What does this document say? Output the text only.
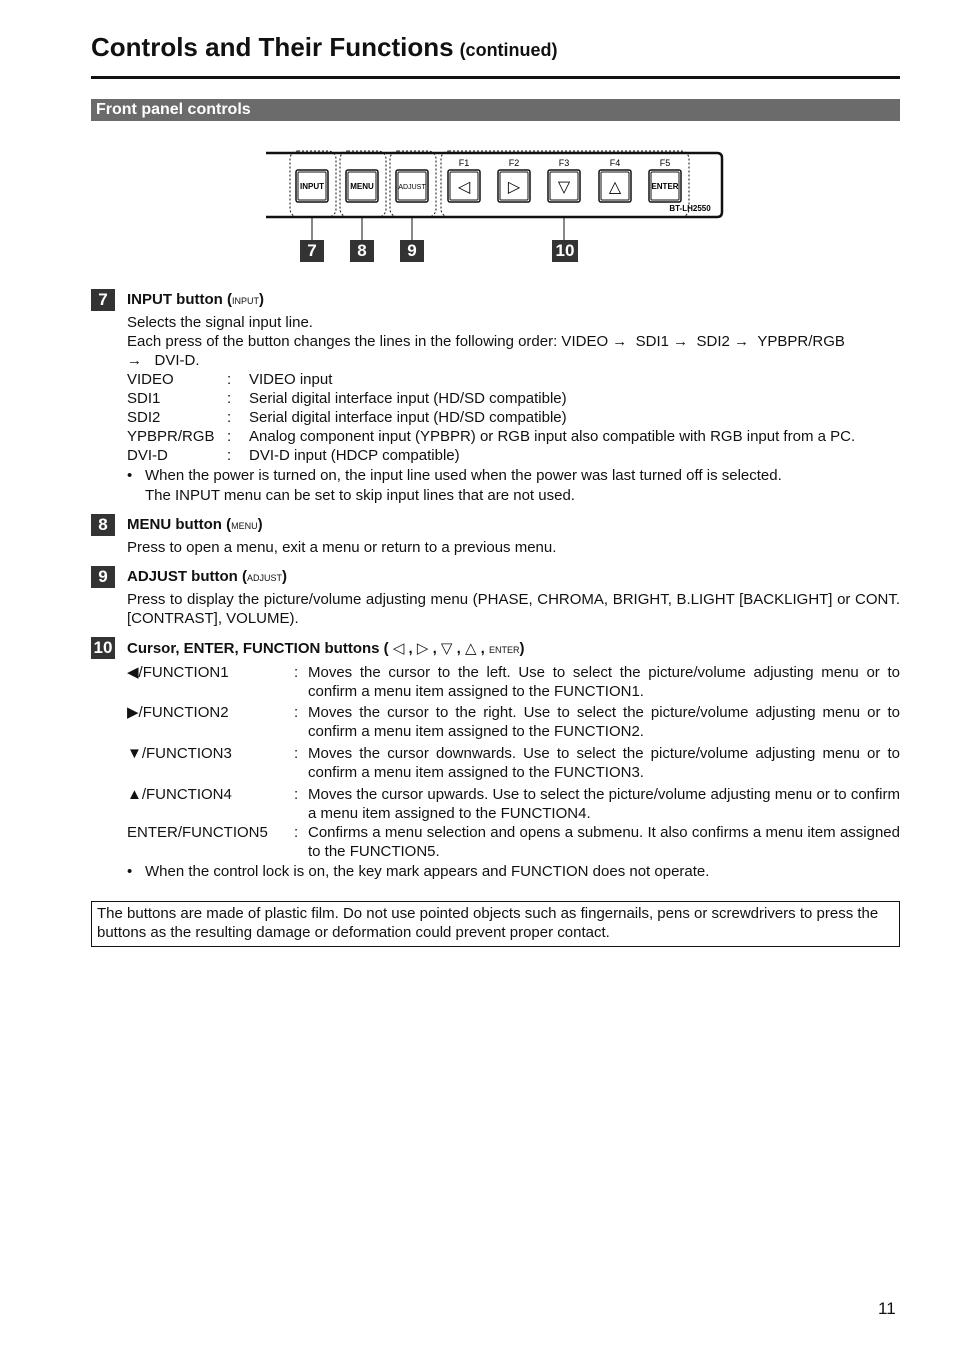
Controls and Their Functions (continued)
Front panel controls
INPUT	MENU	ADJUST ◁ ▷ ▽ △	ENTER
F1	F2	F3	F4	F5
BT-LH2550
7	8	9	10
7	INPUT button (INPUT)
Selects the signal input line.
Each press of the button changes the lines in the following order: VIDEO → SDI1 → SDI2 → YPBPR/RGB
→ DVI-D.
VIDEO	: VIDEO input
SDI1	: Serial digital interface input (HD/SD compatible)
SDI2	: Serial digital interface input (HD/SD compatible)
YPBPR/RGB : Analog component input (YPBPR) or RGB input also compatible with RGB input from a PC.
DVI-D	: DVI-D input (HDCP compatible)
• When the power is turned on, the input line used when the power was last turned off is selected.
The INPUT menu can be set to skip input lines that are not used.
8	MENU button (MENU)
Press to open a menu, exit a menu or return to a previous menu.
9	ADJUST button (ADJUST)
Press to display the picture/volume adjusting menu (PHASE, CHROMA, BRIGHT, B.LIGHT [BACKLIGHT] or CONT. [CONTRAST], VOLUME).
10 Cursor, ENTER, FUNCTION buttons ( ◁ , ▷ , ▽ , △ , ENTER)
◀/FUNCTION1	: Moves the cursor to the left. Use to select the picture/volume adjusting menu or to confirm a menu item assigned to the FUNCTION1.
▶/FUNCTION2	: Moves the cursor to the right. Use to select the picture/volume adjusting menu or to confirm a menu item assigned to the FUNCTION2.
▼/FUNCTION3	: Moves the cursor downwards. Use to select the picture/volume adjusting menu or to confirm a menu item assigned to the FUNCTION3.
▲/FUNCTION4	: Moves the cursor upwards. Use to select the picture/volume adjusting menu or to confirm a menu item assigned to the FUNCTION4.
ENTER/FUNCTION5 : Confirms a menu selection and opens a submenu. It also confirms a menu item assigned to the FUNCTION5.
• When the control lock is on, the key mark appears and FUNCTION does not operate.
The buttons are made of plastic film. Do not use pointed objects such as fingernails, pens or screwdrivers to press the buttons as the resulting damage or deformation could prevent proper contact.
11
